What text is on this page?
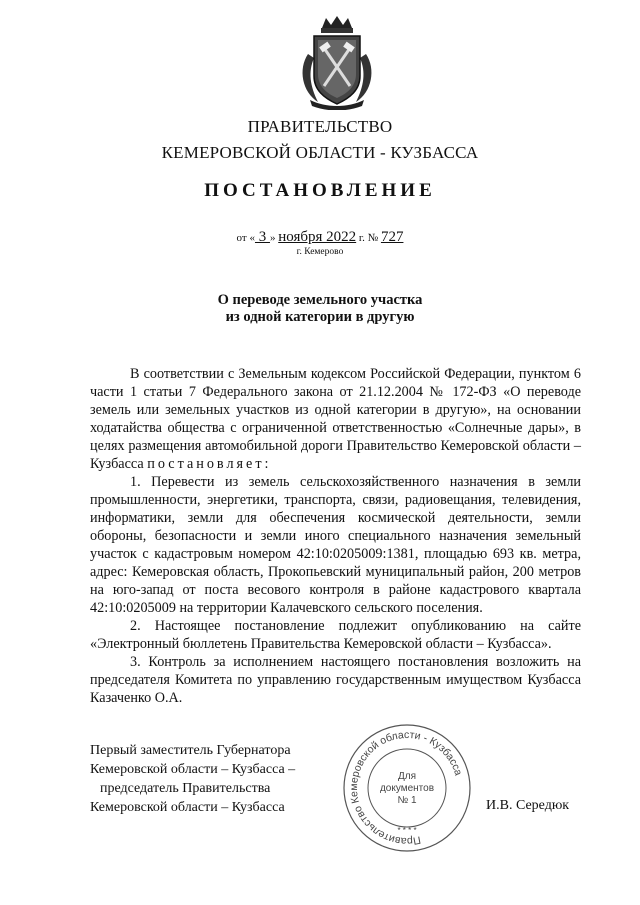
ПРАВИТЕЛЬСТВО
КЕМЕРОВСКОЙ ОБЛАСТИ - КУЗБАССА
ПОСТАНОВЛЕНИЕ
от « 3 » ноября 2022 г. № 727
г. Кемерово
О переводе земельного участка
из одной категории в другую

В соответствии с Земельным кодексом Российской Федерации, пунктом 6 части 1 статьи 7 Федерального закона от 21.12.2004 № 172-ФЗ «О переводе земель или земельных участков из одной категории в другую», на основании ходатайства общества с ограниченной ответственностью «Солнечные дары», в целях размещения автомобильной дороги Правительство Кемеровской области – Кузбасса постановляет:

1. Перевести из земель сельскохозяйственного назначения в земли промышленности, энергетики, транспорта, связи, радиовещания, телевидения, информатики, земли для обеспечения космической деятельности, земли обороны, безопасности и земли иного специального назначения земельный участок с кадастровым номером 42:10:0205009:1381, площадью 693 кв. метра, адрес: Кемеровская область, Прокопьевский муниципальный район, 200 метров на юго-запад от поста весового контроля в районе кадастрового квартала 42:10:0205009 на территории Калачевского сельского поселения.

2. Настоящее постановление подлежит опубликованию на сайте «Электронный бюллетень Правительства Кемеровской области – Кузбасса».

3. Контроль за исполнением настоящего постановления возложить на председателя Комитета по управлению государственным имуществом Кузбасса Казаченко О.А.

Первый заместитель Губернатора
Кемеровской области – Кузбасса –
председатель Правительства
Кемеровской области – Кузбасса
Правительство Кемеровской области - Кузбасса
* * * *
Для
документов
№ 1	И.В. Середюк
